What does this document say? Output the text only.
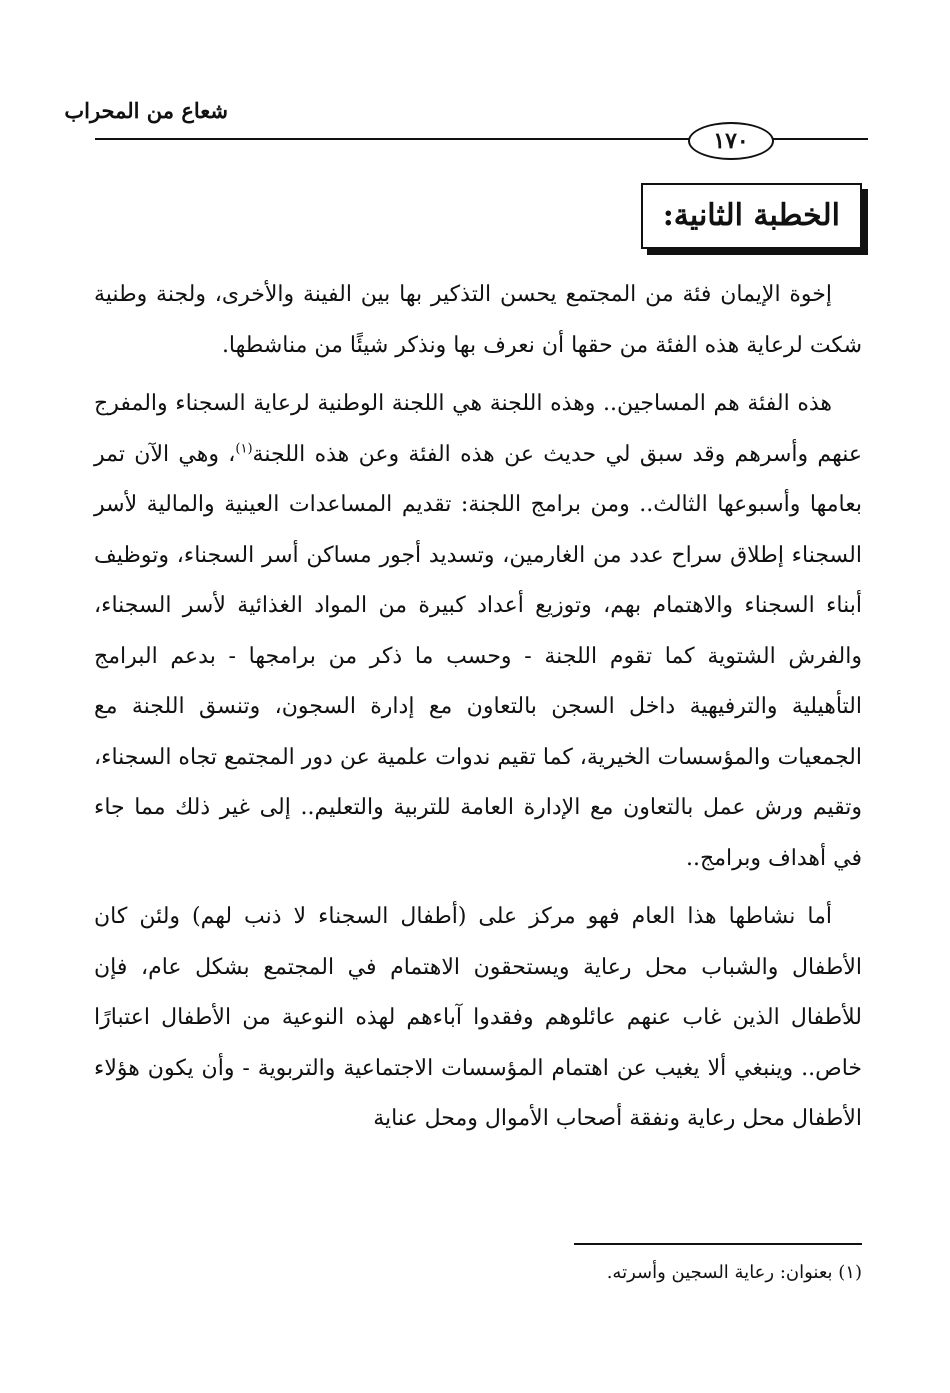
شعاع من المحراب
١٧٠
الخطبة الثانية:

إخوة الإيمان فئة من المجتمع يحسن التذكير بها بين الفينة والأخرى، ولجنة وطنية شكت لرعاية هذه الفئة من حقها أن نعرف بها ونذكر شيئًا من مناشطها.

هذه الفئة هم المساجين.. وهذه اللجنة هي اللجنة الوطنية لرعاية السجناء والمفرج عنهم وأسرهم وقد سبق لي حديث عن هذه الفئة وعن هذه اللجنة$^{(١)}$، وهي الآن تمر بعامها وأسبوعها الثالث.. ومن برامج اللجنة: تقديم المساعدات العينية والمالية لأسر السجناء إطلاق سراح عدد من الغارمين، وتسديد أجور مساكن أسر السجناء، وتوظيف أبناء السجناء والاهتمام بهم، وتوزيع أعداد كبيرة من المواد الغذائية لأسر السجناء، والفرش الشتوية كما تقوم اللجنة - وحسب ما ذكر من برامجها - بدعم البرامج التأهيلية والترفيهية داخل السجن بالتعاون مع إدارة السجون، وتنسق اللجنة مع الجمعيات والمؤسسات الخيرية، كما تقيم ندوات علمية عن دور المجتمع تجاه السجناء، وتقيم ورش عمل بالتعاون مع الإدارة العامة للتربية والتعليم.. إلى غير ذلك مما جاء في أهداف وبرامج..

أما نشاطها هذا العام فهو مركز على (أطفال السجناء لا ذنب لهم) ولئن كان الأطفال والشباب محل رعاية ويستحقون الاهتمام في المجتمع بشكل عام، فإن للأطفال الذين غاب عنهم عائلوهم وفقدوا آباءهم لهذه النوعية من الأطفال اعتبارًا خاص.. وينبغي ألا يغيب عن اهتمام المؤسسات الاجتماعية والتربوية - وأن يكون هؤلاء الأطفال محل رعاية ونفقة أصحاب الأموال ومحل عناية

(١) بعنوان: رعاية السجين وأسرته.
